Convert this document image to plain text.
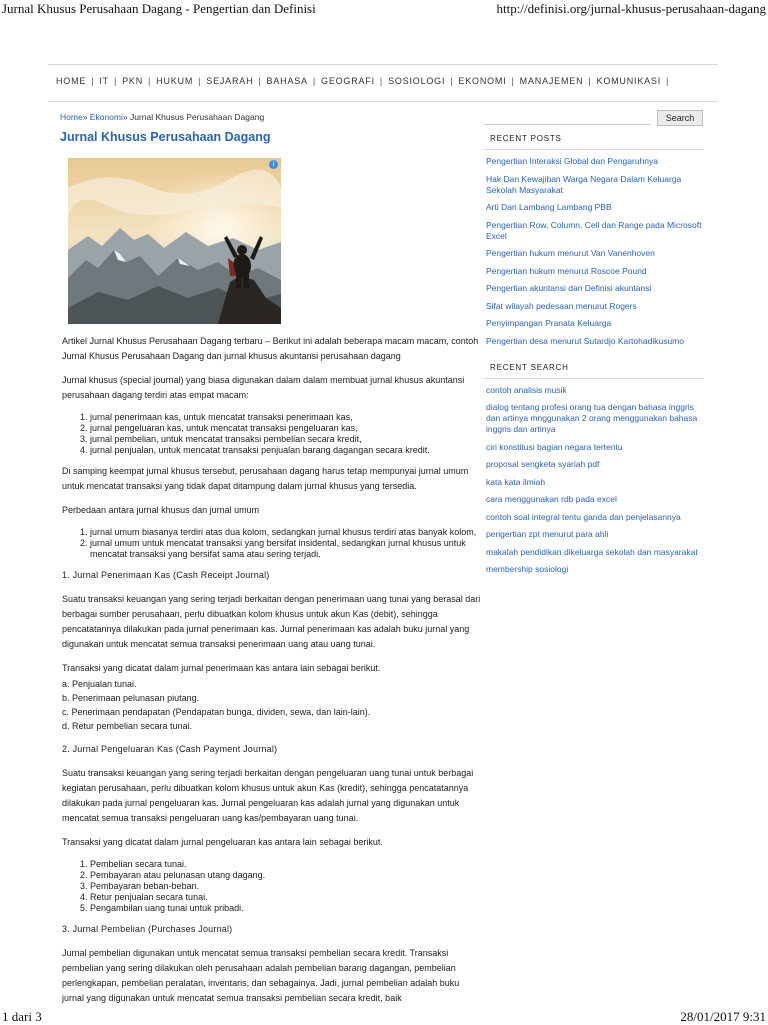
Jurnal Khusus Perusahaan Dagang - Pengertian dan Definisi	http://definisi.org/jurnal-khusus-perusahaan-dagang
HOME | IT | PKN | HUKUM | SEJARAH | BAHASA | GEOGRAFI | SOSIOLOGI | EKONOMI | MANAJEMEN | KOMUNIKASI |
Home» Ekonomi» Jurnal Khusus Perusahaan Dagang
Jurnal Khusus Perusahaan Dagang
i

Artikel Jurnal Khusus Perusahaan Dagang terbaru – Berikut ini adalah beberapa macam macam, contoh Jurnal Khusus Perusahaan Dagang dan jurnal khusus akuntansi perusahaan dagang

Jurnal khusus (special journal) yang biasa digunakan dalam dalam membuat jurnal khusus akuntansi perusahaan dagang terdiri atas empat macam:

1. jurnal penerimaan kas, untuk mencatat transaksi penerimaan kas,
2. jurnal pengeluaran kas, untuk mencatat transaksi pengeluaran kas,
3. jurnal pembelian, untuk mencatat transaksi pembelian secara kredit,
4. jurnal penjualan, untuk mencatat transaksi penjualan barang dagangan secara kredit.

Di samping keempat jurnal khusus tersebut, perusahaan dagang harus tetap mempunyai jurnal umum untuk mencatat transaksi yang tidak dapat ditampung dalam jurnal khusus yang tersedia.

Perbedaan antara jurnal khusus dan jurnal umum

1. jurnal umum biasanya terdiri atas dua kolom, sedangkan jurnal khusus terdiri atas banyak kolom,
2. jurnal umum untuk mencatat transaksi yang bersifat insidental, sedangkan jurnal khusus untuk mencatat transaksi yang bersifat sama atau sering terjadi.
1. Jurnal Penerimaan Kas (Cash Receipt Journal)

Suatu transaksi keuangan yang sering terjadi berkaitan dengan penerimaan uang tunai yang berasal dari berbagai sumber perusahaan, perlu dibuatkan kolom khusus untuk akun Kas (debit), sehingga pencatatannya dilakukan pada jurnal penerimaan kas. Jurnal penerimaan kas adalah buku jurnal yang digunakan untuk mencatat semua transaksi penerimaan uang atau uang tunai.

Transaksi yang dicatat dalam jurnal penerimaan kas antara lain sebagai berikut.

a. Penjualan tunai.
b. Penerimaan pelunasan piutang.
c. Penerimaan pendapatan (Pendapatan bunga, dividen, sewa, dan lain-lain).
d. Retur pembelian secara tunai.
2. Jurnal Pengeluaran Kas (Cash Payment Journal)

Suatu transaksi keuangan yang sering terjadi berkaitan dengan pengeluaran uang tunai untuk berbagai kegiatan perusahaan, perlu dibuatkan kolom khusus untuk akun Kas (kredit), sehingga pencatatannya dilakukan pada jurnal pengeluaran kas. Jurnal pengeluaran kas adalah jurnal yang digunakan untuk mencatat semua transaksi pengeluaran uang kas/pembayaran uang tunai.

Transaksi yang dicatat dalam jurnal pengeluaran kas antara lain sebagai berikut.

1. Pembelian secara tunai.
2. Pembayaran atau pelunasan utang dagang.
3. Pembayaran beban-beban.
4. Retur penjualan secara tunai.
5. Pengambilan uang tunai untuk pribadi.
3. Jurnal Pembelian (Purchases Journal)

Jurnal pembelian digunakan untuk mencatat semua transaksi pembelian secara kredit. Transaksi pembelian yang sering dilakukan oleh perusahaan adalah pembelian barang dagangan, pembelian perlengkapan, pembelian peralatan, inventaris, dan sebagainya. Jadi, jurnal pembelian adalah buku jurnal yang digunakan untuk mencatat semua transaksi pembelian secara kredit, baik

Search
RECENT POSTS
Pengertian Interaksi Global dan Pengaruhnya
Hak Dan Kewajiban Warga Negara Dalam Keluarga Sekolah Masyarakat
Arti Dari Lambang Lambang PBB
Pengertian Row, Column, Cell dan Range pada Microsoft Excel
Pengertian hukum menurut Van Vanenhoven
Pengertian hukum menurut Roscoe Pound
Pengertian akuntansi dan Definisi akuntansi
Sifat wilayah pedesaan menurut Rogers
Penyimpangan Pranata Keluarga
Pengertian desa menurut Sutardjo Kartohadikusumo
RECENT SEARCH
contoh analisis musik
dialog tentang profesi orang tua dengan bahasa inggris dan artinya mnggunakan 2 orang menggunakan bahasa inggris dan artinya
ciri konstitusi bagian negara tertentu
proposal sengketa syariah pdf
kata kata ilmiah
cara menggunakan rdb pada excel
contoh soal integral tentu ganda dan penjelasannya
pengertian zpt menurut para ahli
makalah pendidikan dikeluarga sekolah dan masyarakat
membership sosiologi
1 dari 3	28/01/2017 9:31
